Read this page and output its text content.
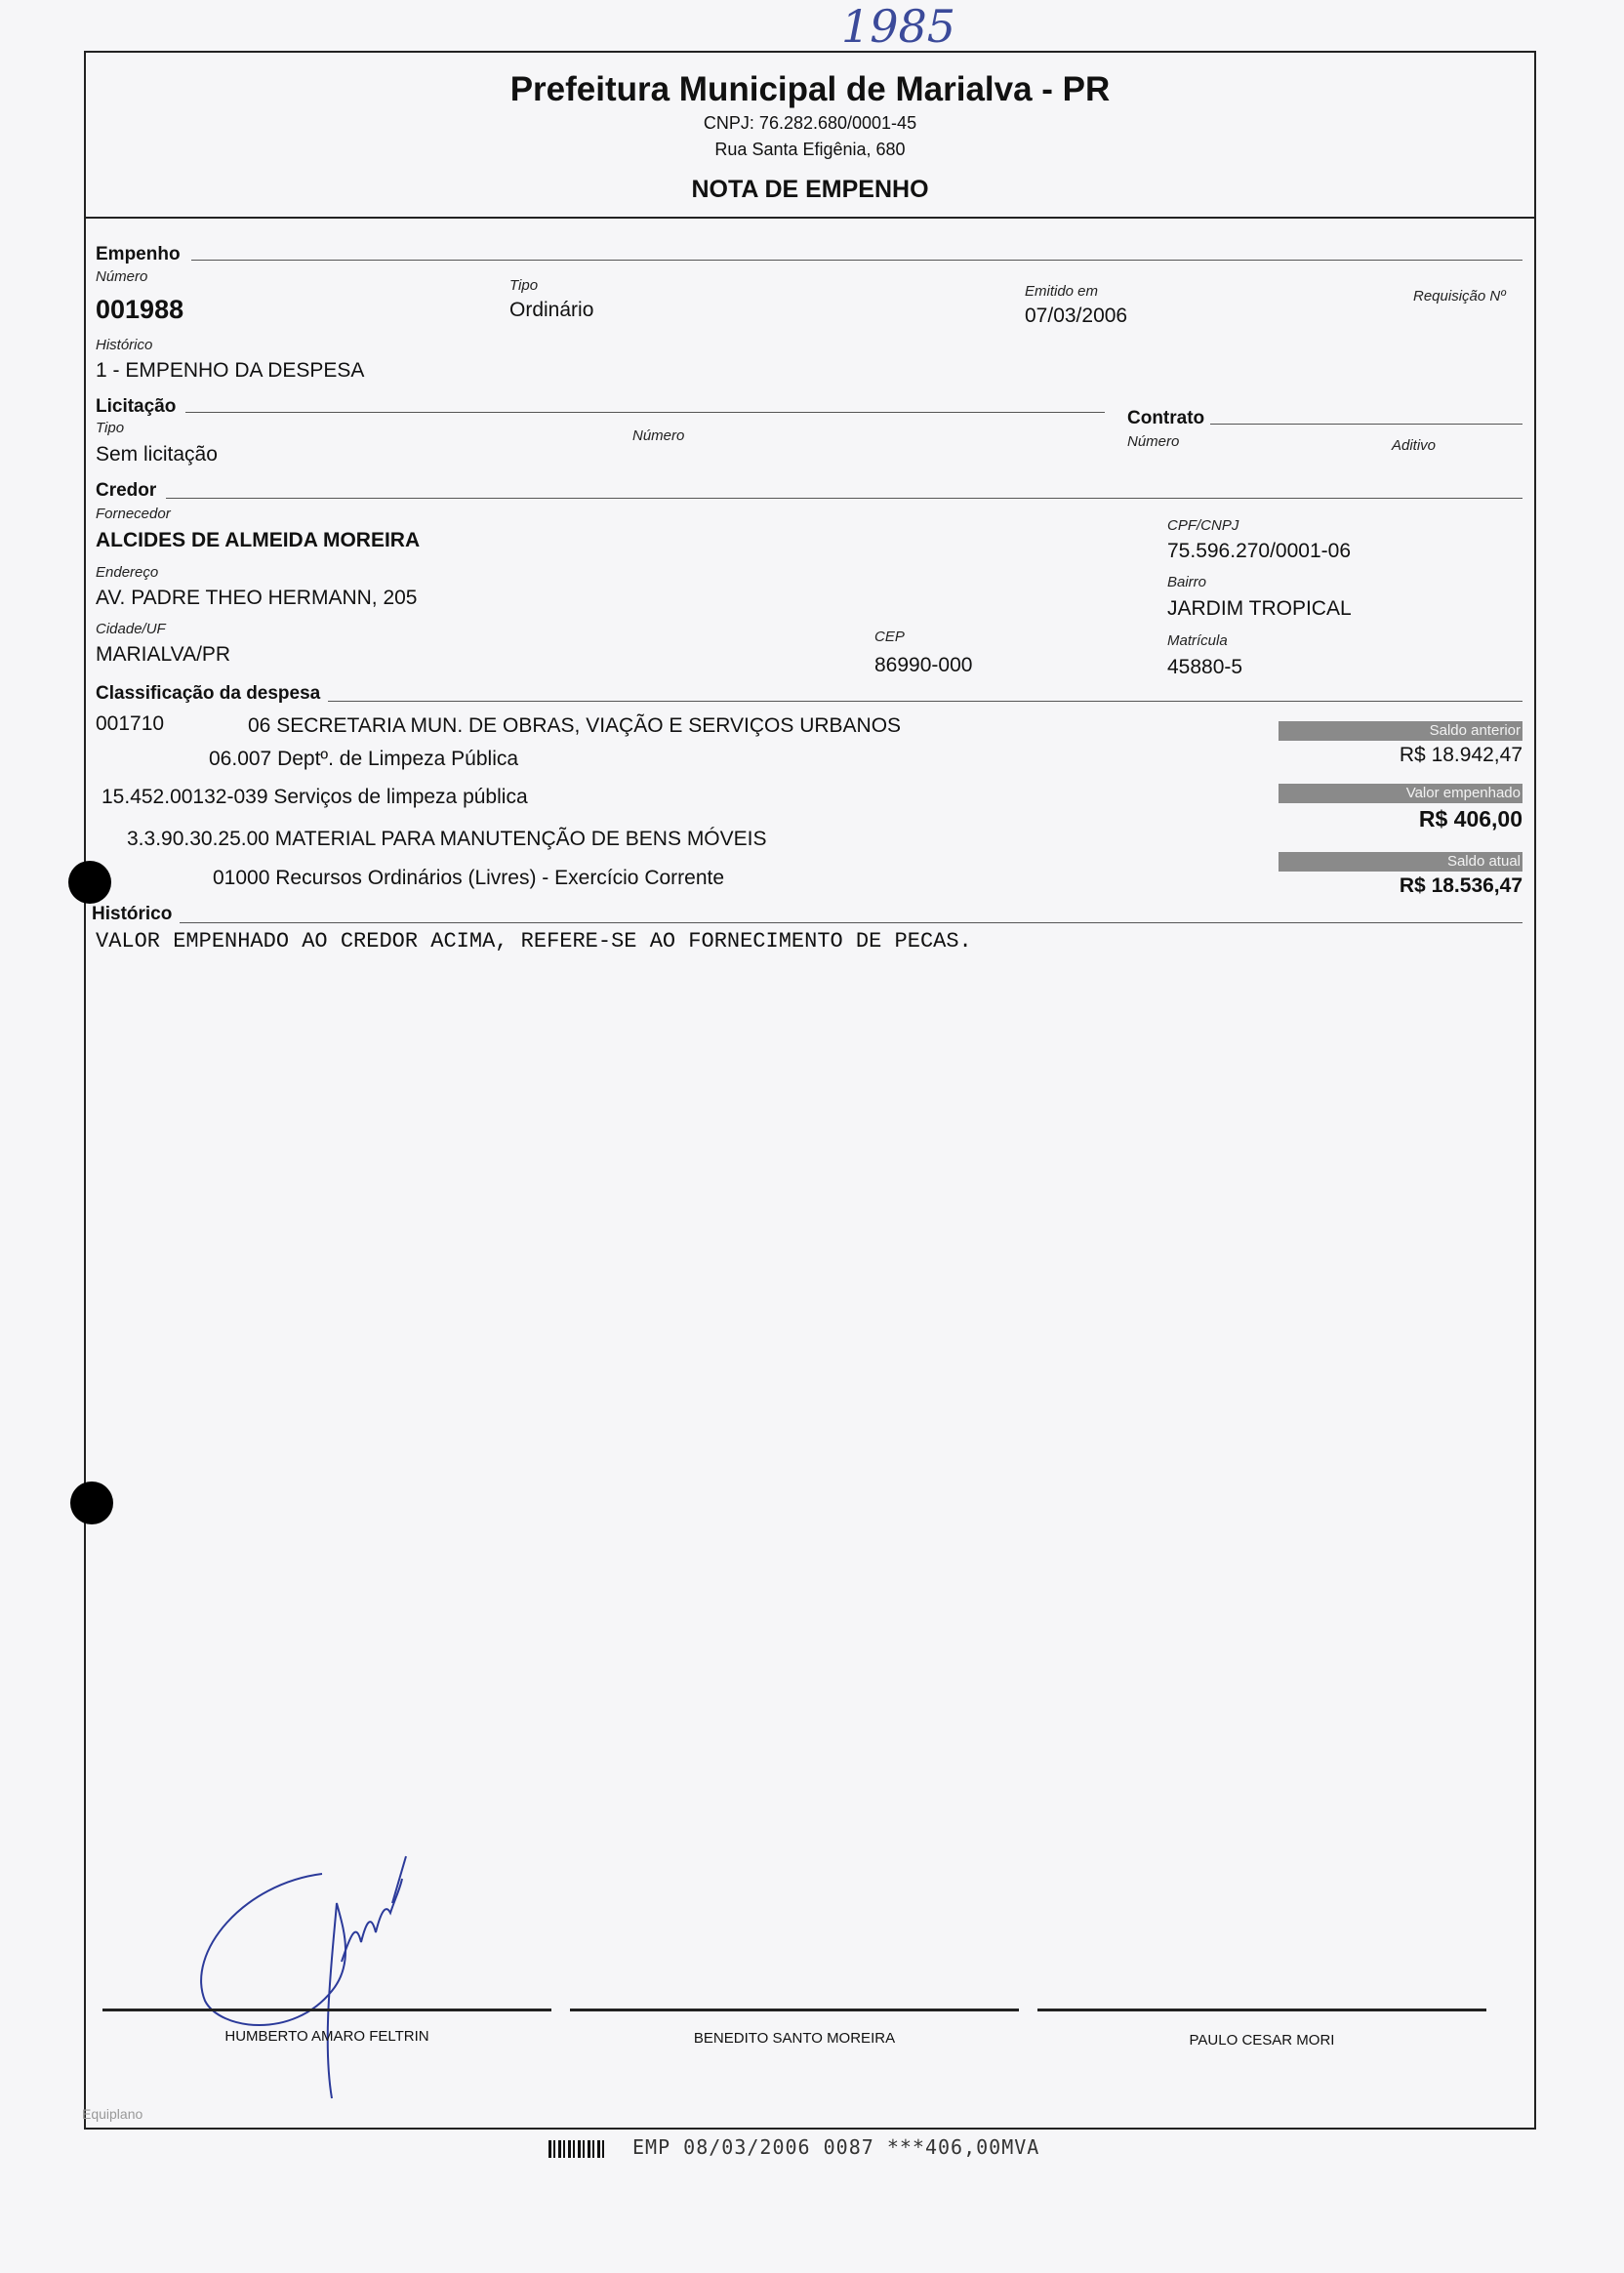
1985
Prefeitura Municipal de Marialva - PR
CNPJ: 76.282.680/0001-45
Rua Santa Efigênia, 680
NOTA DE EMPENHO
Empenho
Número
001988
Tipo
Ordinário
Emitido em
07/03/2006
Requisição Nº
Histórico
1 - EMPENHO DA DESPESA
Licitação
Tipo
Sem licitação
Número
Contrato
Número	Aditivo
Credor
Fornecedor
ALCIDES DE ALMEIDA MOREIRA
CPF/CNPJ
75.596.270/0001-06
Endereço
AV. PADRE THEO HERMANN, 205
Bairro
JARDIM TROPICAL
Cidade/UF
MARIALVA/PR
CEP
86990-000
Matrícula
45880-5
Classificação da despesa
001710	06 SECRETARIA MUN. DE OBRAS, VIAÇÃO E SERVIÇOS URBANOS
06.007 Deptº. de Limpeza Pública
15.452.00132-039 Serviços de limpeza pública
3.3.90.30.25.00 MATERIAL PARA MANUTENÇÃO DE BENS MÓVEIS
01000 Recursos Ordinários (Livres) - Exercício Corrente
Saldo anterior
R$ 18.942,47
Valor empenhado
R$ 406,00
Saldo atual
R$ 18.536,47
Histórico
VALOR EMPENHADO AO CREDOR ACIMA, REFERE-SE AO FORNECIMENTO DE PECAS.
HUMBERTO AMARO FELTRIN	BENEDITO SANTO MOREIRA	PAULO CESAR MORI
Equiplano
EMP 08/03/2006 0087 ***406,00MVA
